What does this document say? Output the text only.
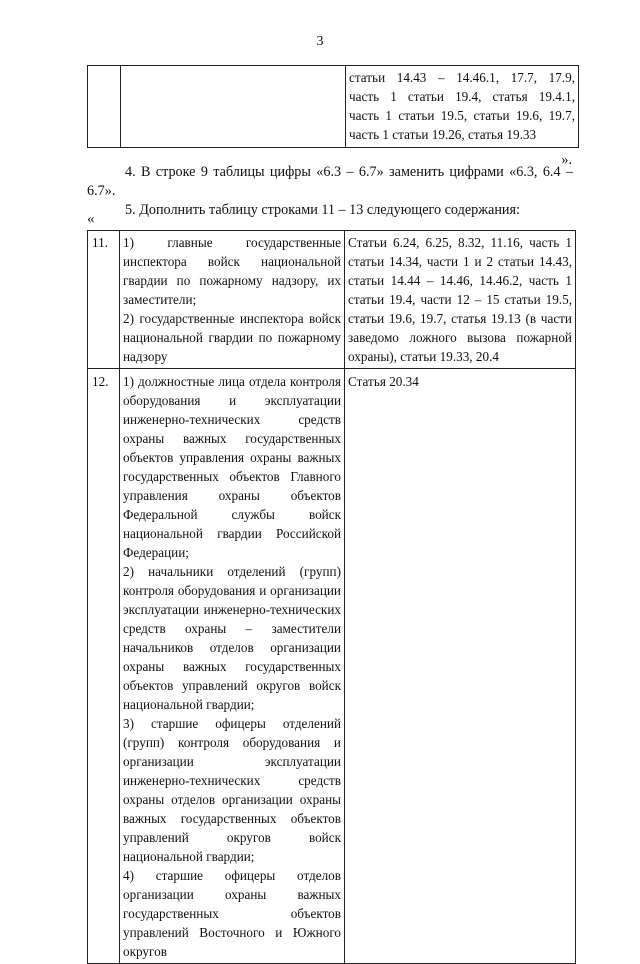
3

статьи 14.43 – 14.46.1, 17.7, 17.9,
часть 1 статьи 19.4, статья 19.4.1,
часть 1 статьи 19.5, статьи 19.6, 19.7,
часть 1 статьи 19.26, статья 19.33
».
4. В строке 9 таблицы цифры «6.3 – 6.7» заменить цифрами «6.3, 6.4 – 6.7».
5. Дополнить таблицу строками 11 – 13 следующего содержания:
«
11.	1) главные государственные инспектора войск национальной гвардии по пожарному надзору, их заместители;
2) государственные инспектора войск национальной гвардии по пожарному надзору	Статьи 6.24, 6.25, 8.32, 11.16, часть 1 статьи 14.34, части 1 и 2 статьи 14.43, статьи 14.44 – 14.46, 14.46.2, часть 1 статьи 19.4, части 12 – 15 статьи 19.5, статьи 19.6, 19.7, статья 19.13 (в части заведомо ложного вызова пожарной охраны), статьи 19.33, 20.4
12.	1) должностные лица отдела контроля оборудования и эксплуатации инженерно-технических средств охраны важных государственных объектов управления охраны важных государственных объектов Главного управления охраны объектов Федеральной службы войск национальной гвардии Российской Федерации;
2) начальники отделений (групп) контроля оборудования и организации эксплуатации инженерно-технических средств охраны – заместители начальников отделов организации охраны важных государственных объектов управлений округов войск национальной гвардии;
3) старшие офицеры отделений (групп) контроля оборудования и организации эксплуатации инженерно-технических средств охраны отделов организации охраны важных государственных объектов управлений округов войск национальной гвардии;
4) старшие офицеры отделов организации охраны важных государственных объектов управлений Восточного и Южного округов	Статья 20.34
